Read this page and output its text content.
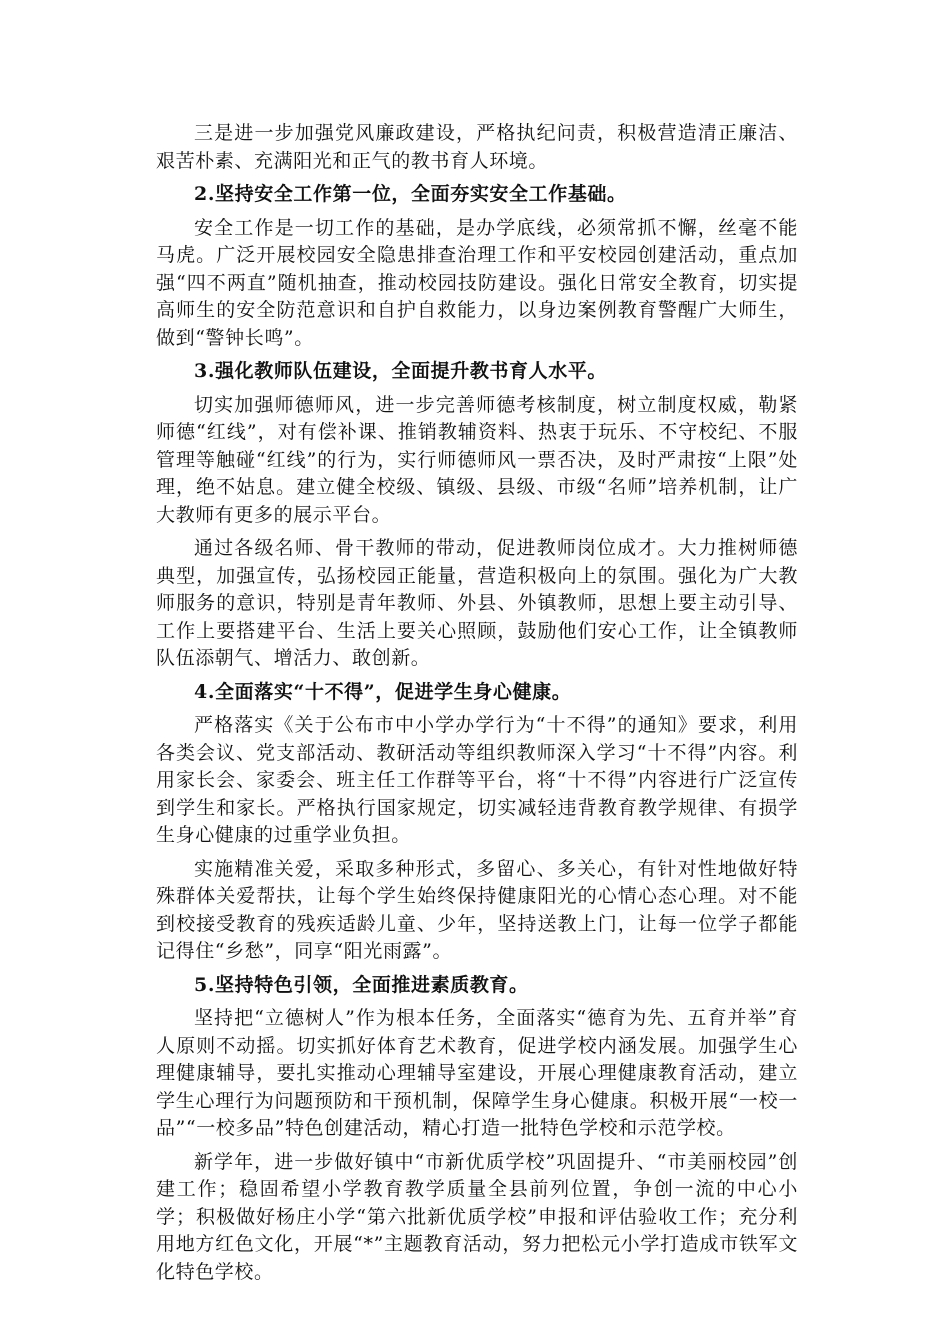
三是进一步加强党风廉政建设，严格执纪问责，积极营造清正廉洁、艰苦朴素、充满阳光和正气的教书育人环境。

2.坚持安全工作第一位，全面夯实安全工作基础。

安全工作是一切工作的基础，是办学底线，必须常抓不懈，丝毫不能马虎。广泛开展校园安全隐患排查治理工作和平安校园创建活动，重点加强“四不两直”随机抽查，推动校园技防建设。强化日常安全教育，切实提高师生的安全防范意识和自护自救能力，以身边案例教育警醒广大师生，做到“警钟长鸣”。

3.强化教师队伍建设，全面提升教书育人水平。

切实加强师德师风，进一步完善师德考核制度，树立制度权威，勒紧师德“红线”，对有偿补课、推销教辅资料、热衷于玩乐、不守校纪、不服管理等触碰“红线”的行为，实行师德师风一票否决，及时严肃按“上限”处理，绝不姑息。建立健全校级、镇级、县级、市级“名师”培养机制，让广大教师有更多的展示平台。

通过各级名师、骨干教师的带动，促进教师岗位成才。大力推树师德典型，加强宣传，弘扬校园正能量，营造积极向上的氛围。强化为广大教师服务的意识，特别是青年教师、外县、外镇教师，思想上要主动引导、工作上要搭建平台、生活上要关心照顾，鼓励他们安心工作，让全镇教师队伍添朝气、增活力、敢创新。

4.全面落实“十不得”，促进学生身心健康。

严格落实《关于公布市中小学办学行为“十不得”的通知》要求，利用各类会议、党支部活动、教研活动等组织教师深入学习“十不得”内容。利用家长会、家委会、班主任工作群等平台，将“十不得”内容进行广泛宣传到学生和家长。严格执行国家规定，切实减轻违背教育教学规律、有损学生身心健康的过重学业负担。

实施精准关爱，采取多种形式，多留心、多关心，有针对性地做好特殊群体关爱帮扶，让每个学生始终保持健康阳光的心情心态心理。对不能到校接受教育的残疾适龄儿童、少年，坚持送教上门，让每一位学子都能记得住“乡愁”，同享“阳光雨露”。

5.坚持特色引领，全面推进素质教育。

坚持把“立德树人”作为根本任务，全面落实“德育为先、五育并举”育人原则不动摇。切实抓好体育艺术教育，促进学校内涵发展。加强学生心理健康辅导，要扎实推动心理辅导室建设，开展心理健康教育活动，建立学生心理行为问题预防和干预机制，保障学生身心健康。积极开展“一校一品”“一校多品”特色创建活动，精心打造一批特色学校和示范学校。

新学年，进一步做好镇中“市新优质学校”巩固提升、“市美丽校园”创建工作；稳固希望小学教育教学质量全县前列位置，争创一流的中心小学；积极做好杨庄小学“第六批新优质学校”申报和评估验收工作；充分利用地方红色文化，开展“*”主题教育活动，努力把松元小学打造成市铁军文化特色学校。
